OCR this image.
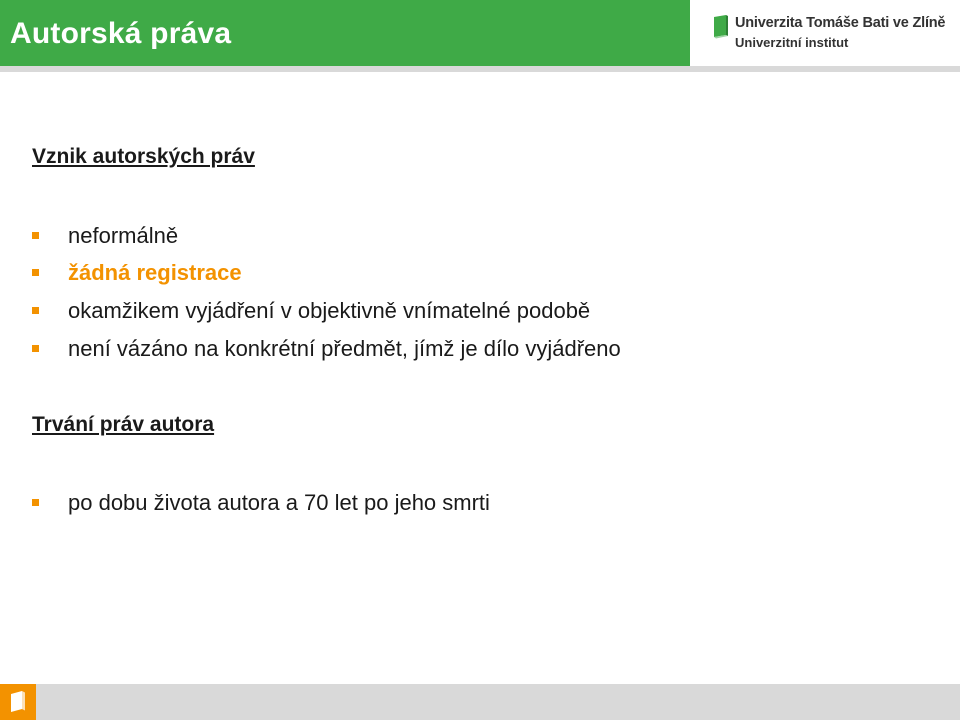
Autorská práva	Univerzita Tomáše Bati ve Zlíně
Univerzitní institut
Vznik autorských práv
neformálně
žádná registrace
okamžikem vyjádření v objektivně vnímatelné podobě
není vázáno na konkrétní předmět, jímž je dílo vyjádřeno
Trvání práv autora
po dobu života autora a 70 let po jeho smrti
